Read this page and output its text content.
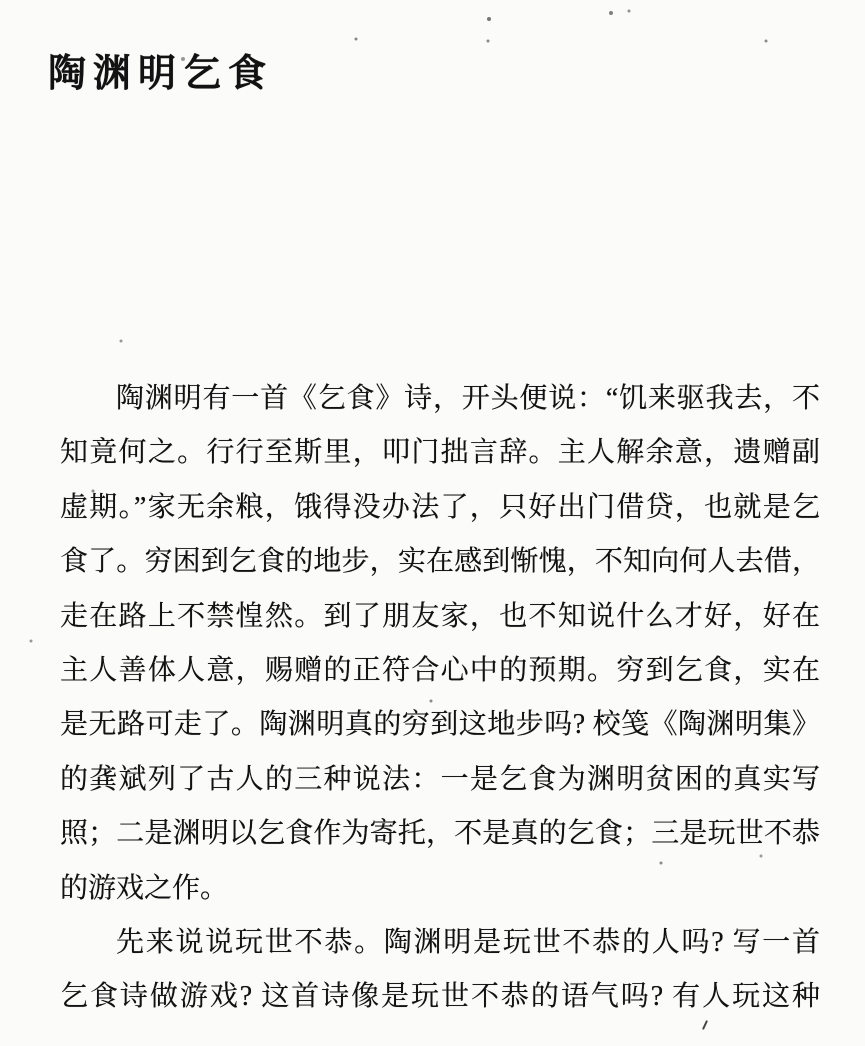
陶渊明乞食

陶渊明有一首《乞食》诗，开头便说：“饥来驱我去，不

知竟何之。行行至斯里，叩门拙言辞。主人解余意，遗赠副

虚期。”家无余粮，饿得没办法了，只好出门借贷，也就是乞

食了。穷困到乞食的地步，实在感到惭愧，不知向何人去借，

走在路上不禁惶然。到了朋友家，也不知说什么才好，好在

主人善体人意，赐赠的正符合心中的预期。穷到乞食，实在

是无路可走了。陶渊明真的穷到这地步吗? 校笺《陶渊明集》

的龚斌列了古人的三种说法：一是乞食为渊明贫困的真实写

照；二是渊明以乞食作为寄托，不是真的乞食；三是玩世不恭

的游戏之作。

先来说说玩世不恭。陶渊明是玩世不恭的人吗? 写一首

乞食诗做游戏? 这首诗像是玩世不恭的语气吗? 有人玩这种
